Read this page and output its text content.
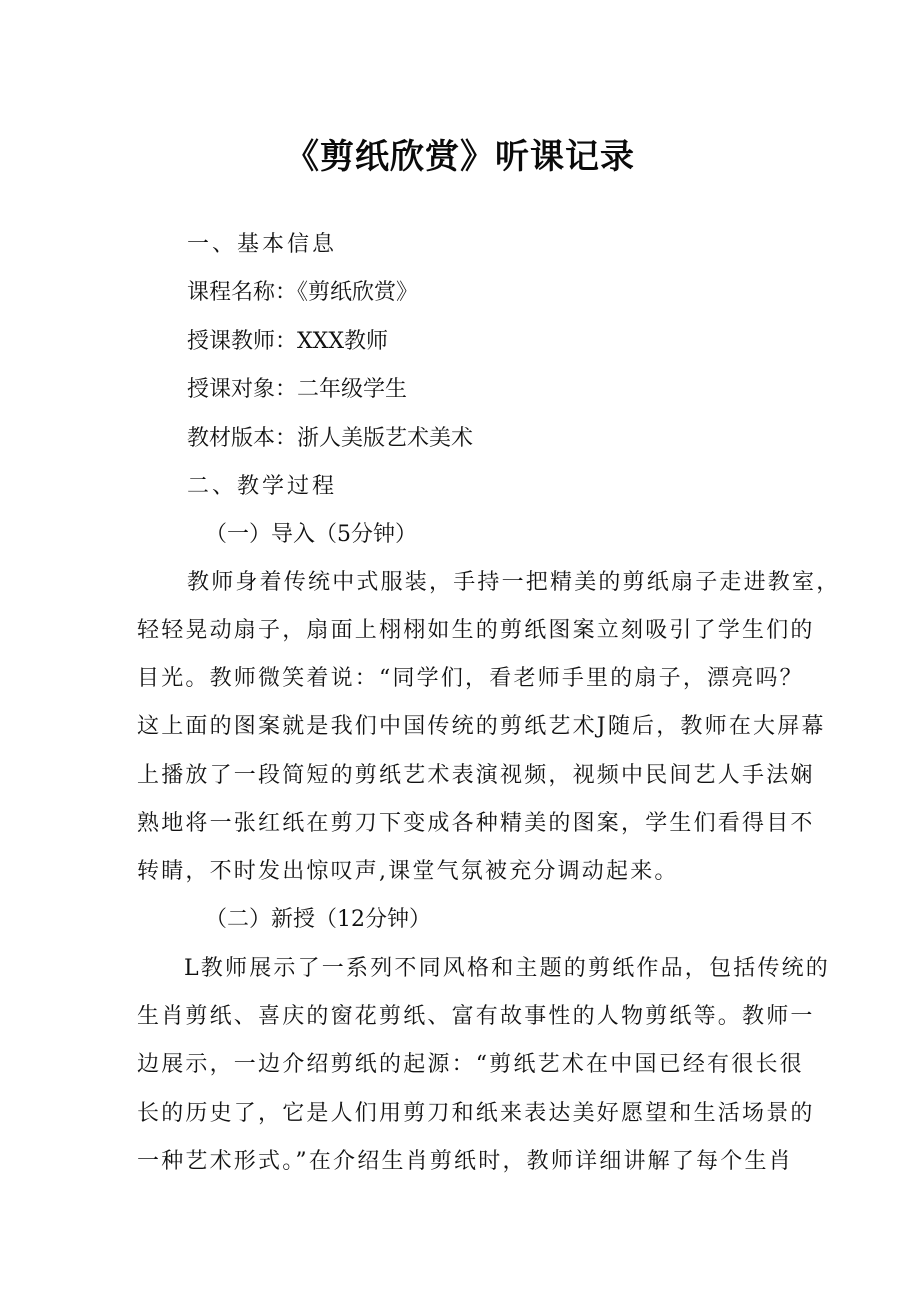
《剪纸欣赏》听课记录
一、基本信息
课程名称：《剪纸欣赏》
授课教师：XXX教师
授课对象：二年级学生
教材版本：浙人美版艺术美术
二、教学过程
（一）导入（5分钟）
教师身着传统中式服装，手持一把精美的剪纸扇子走进教室，
轻轻晃动扇子，扇面上栩栩如生的剪纸图案立刻吸引了学生们的
目光。教师微笑着说：“同学们，看老师手里的扇子，漂亮吗？
这上面的图案就是我们中国传统的剪纸艺术J随后，教师在大屏幕
上播放了一段简短的剪纸艺术表演视频，视频中民间艺人手法娴
熟地将一张红纸在剪刀下变成各种精美的图案，学生们看得目不
转睛，不时发出惊叹声,课堂气氛被充分调动起来。
（二）新授（12分钟）
L教师展示了一系列不同风格和主题的剪纸作品，包括传统的
生肖剪纸、喜庆的窗花剪纸、富有故事性的人物剪纸等。教师一
边展示，一边介绍剪纸的起源：“剪纸艺术在中国已经有很长很
长的历史了，它是人们用剪刀和纸来表达美好愿望和生活场景的
一种艺术形式。”在介绍生肖剪纸时，教师详细讲解了每个生肖
